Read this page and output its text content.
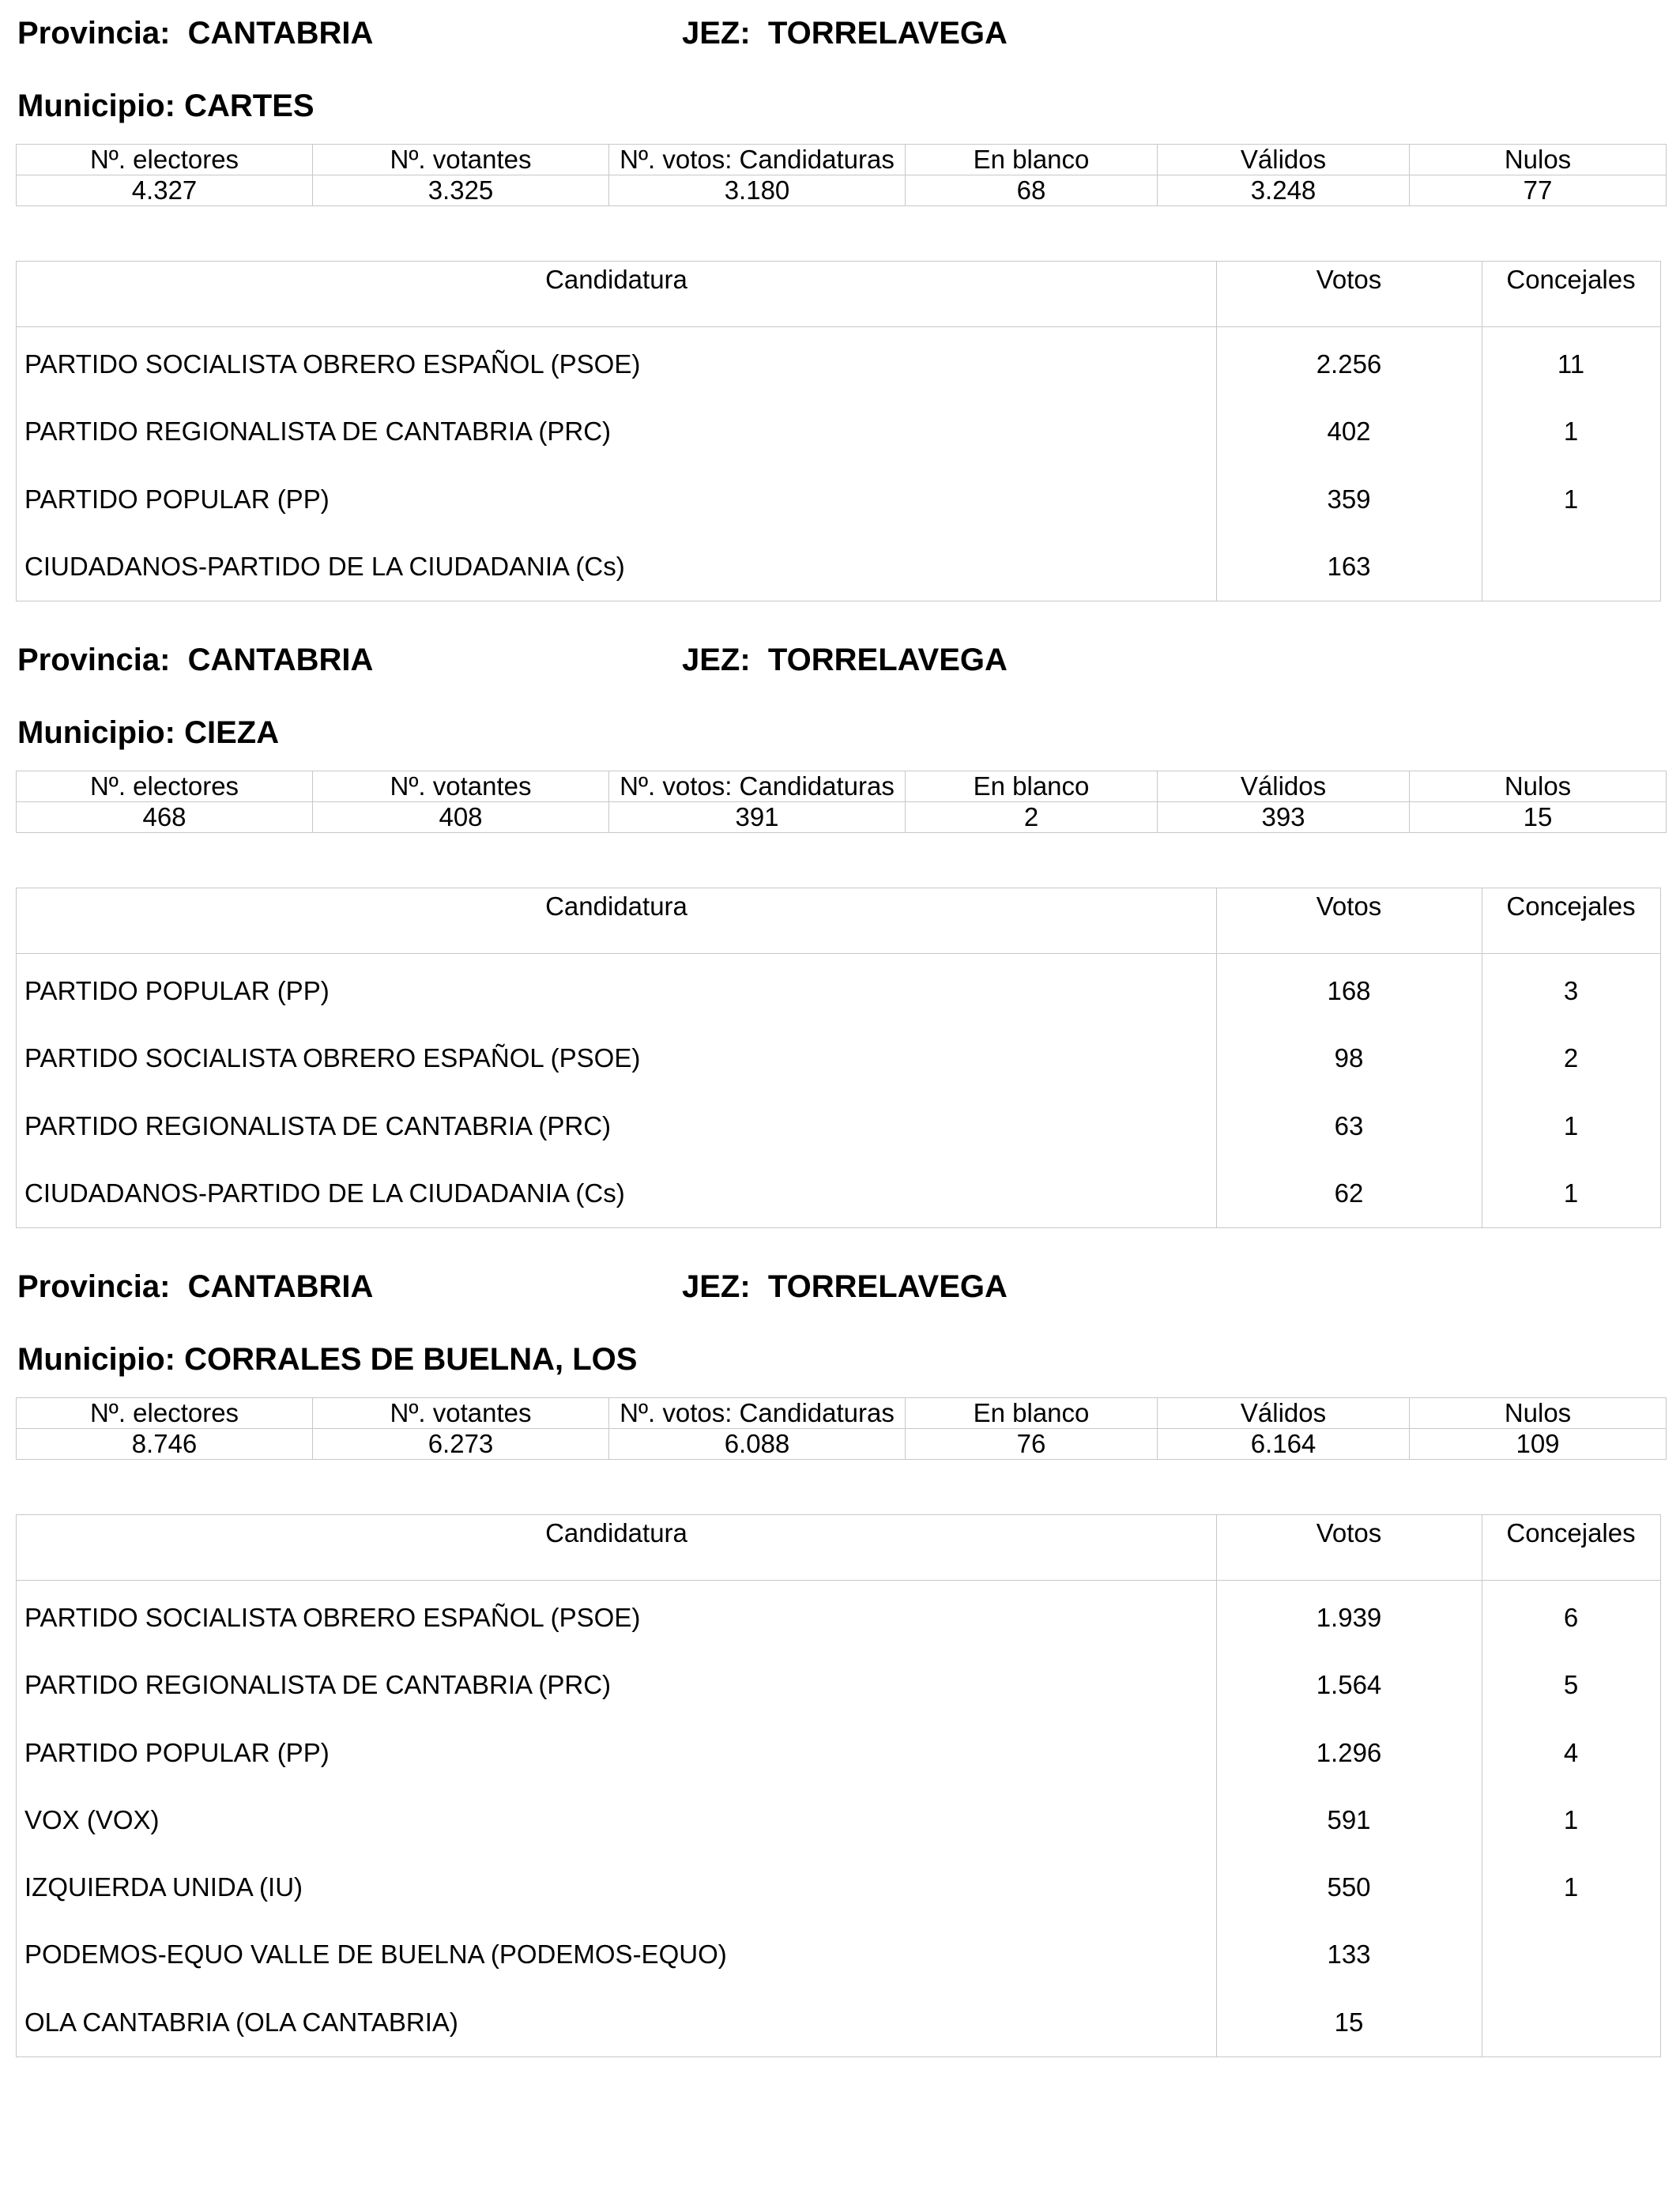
Provincia: CANTABRIA	JEZ: TORRELAVEGA
Municipio: CARTES
Nº. electores	Nº. votantes	Nº. votos: Candidaturas	En blanco	Válidos	Nulos
4.327	3.325	3.180	68	3.248	77
Candidatura	Votos	Concejales
PARTIDO SOCIALISTA OBRERO ESPAÑOL (PSOE)	2.256	11
PARTIDO REGIONALISTA DE CANTABRIA (PRC)	402	1
PARTIDO POPULAR (PP)	359	1
CIUDADANOS-PARTIDO DE LA CIUDADANIA (Cs)	163
Provincia: CANTABRIA	JEZ: TORRELAVEGA
Municipio: CIEZA
Nº. electores	Nº. votantes	Nº. votos: Candidaturas	En blanco	Válidos	Nulos
468	408	391	2	393	15
Candidatura	Votos	Concejales
PARTIDO POPULAR (PP)	168	3
PARTIDO SOCIALISTA OBRERO ESPAÑOL (PSOE)	98	2
PARTIDO REGIONALISTA DE CANTABRIA (PRC)	63	1
CIUDADANOS-PARTIDO DE LA CIUDADANIA (Cs)	62	1
Provincia: CANTABRIA	JEZ: TORRELAVEGA
Municipio: CORRALES DE BUELNA, LOS
Nº. electores	Nº. votantes	Nº. votos: Candidaturas	En blanco	Válidos	Nulos
8.746	6.273	6.088	76	6.164	109
Candidatura	Votos	Concejales
PARTIDO SOCIALISTA OBRERO ESPAÑOL (PSOE)	1.939	6
PARTIDO REGIONALISTA DE CANTABRIA (PRC)	1.564	5
PARTIDO POPULAR (PP)	1.296	4
VOX (VOX)	591	1
IZQUIERDA UNIDA (IU)	550	1
PODEMOS-EQUO VALLE DE BUELNA (PODEMOS-EQUO)	133
OLA CANTABRIA (OLA CANTABRIA)	15
